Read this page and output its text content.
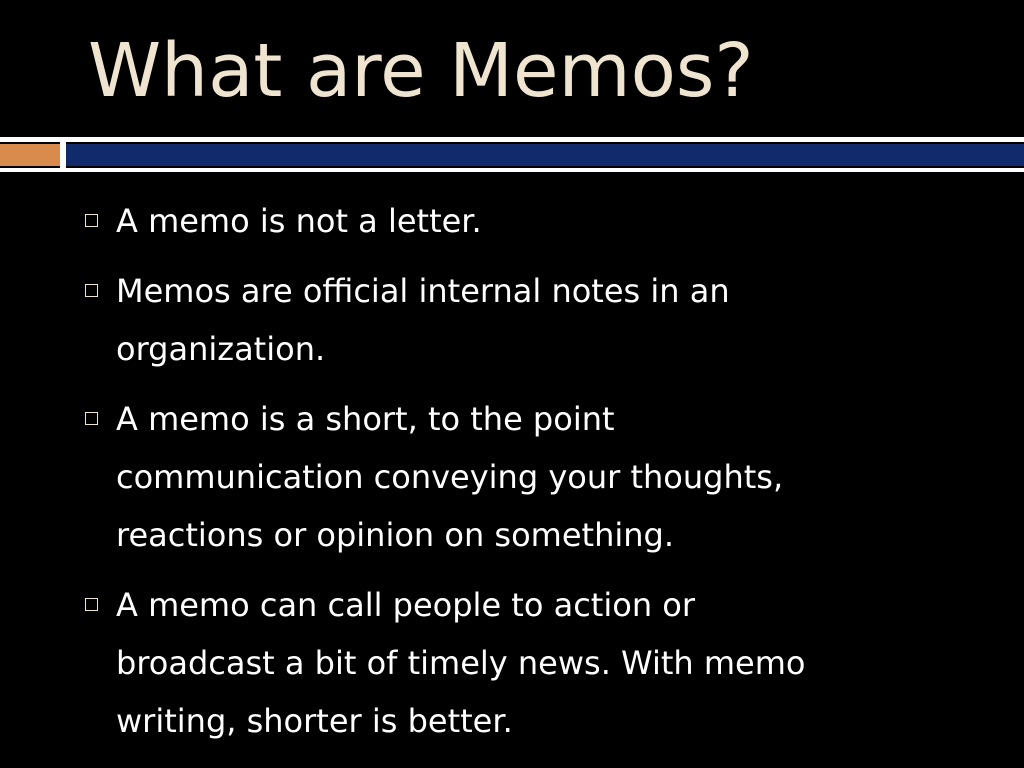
What are Memos?
A memo is not a letter.
Memos are official internal notes in an
organization.
A memo is a short, to the point
communication conveying your thoughts,
reactions or opinion on something.
A memo can call people to action or
broadcast a bit of timely news. With memo
writing, shorter is better.
